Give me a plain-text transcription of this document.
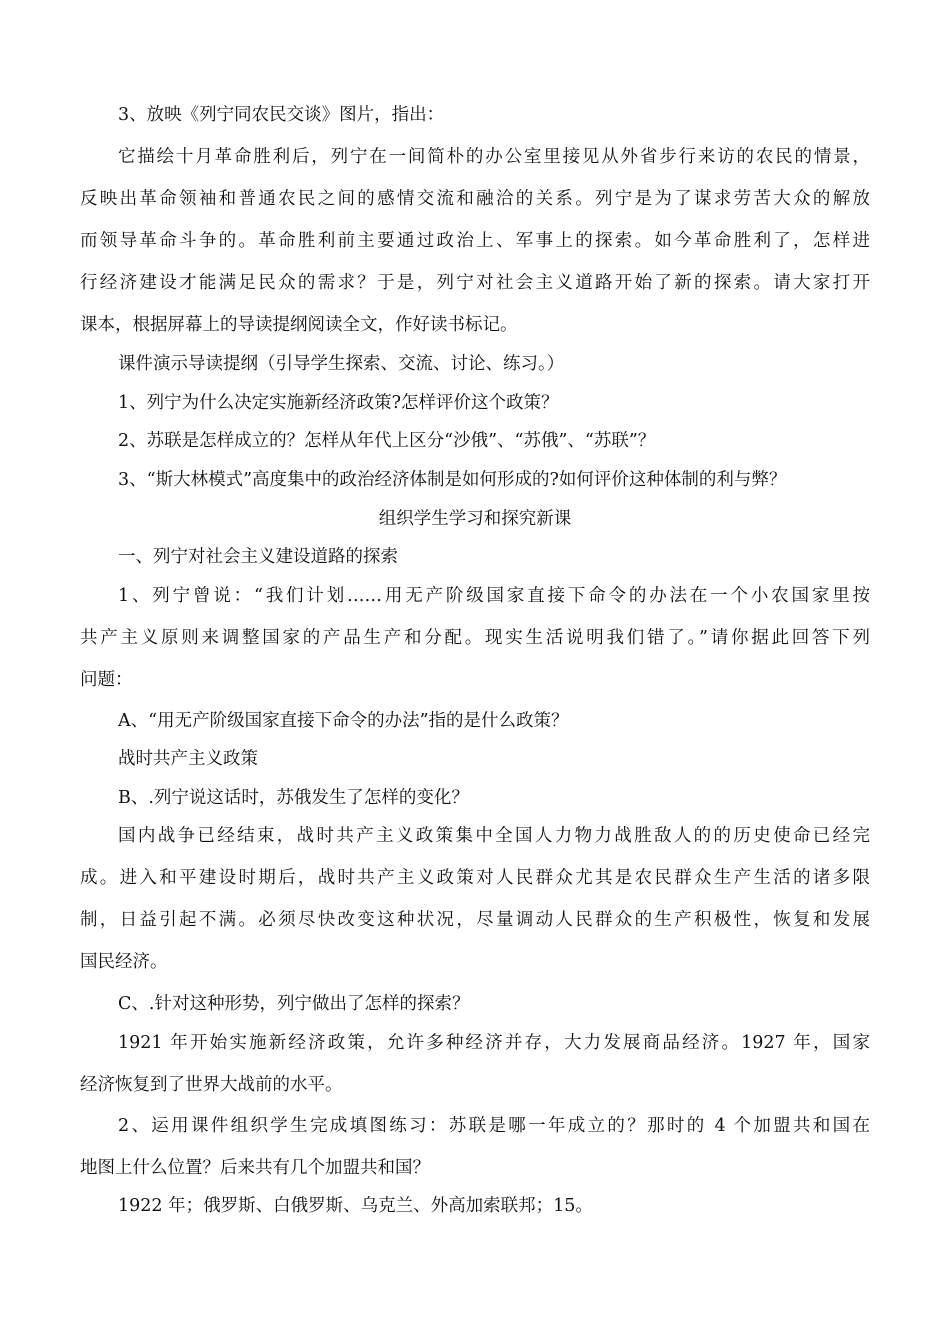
3、放映《列宁同农民交谈》图片，指出：
它描绘十月革命胜利后，列宁在一间简朴的办公室里接见从外省步行来访的农民的情景，
反映出革命领袖和普通农民之间的感情交流和融洽的关系。列宁是为了谋求劳苦大众的解放
而领导革命斗争的。革命胜利前主要通过政治上、军事上的探索。如今革命胜利了，怎样进
行经济建设才能满足民众的需求？于是，列宁对社会主义道路开始了新的探索。请大家打开
课本，根据屏幕上的导读提纲阅读全文，作好读书标记。
课件演示导读提纲（引导学生探索、交流、讨论、练习。）
1、列宁为什么决定实施新经济政策?怎样评价这个政策？
2、苏联是怎样成立的？怎样从年代上区分“沙俄”、“苏俄”、“苏联”？
3、“斯大林模式”高度集中的政治经济体制是如何形成的?如何评价这种体制的利与弊？
组织学生学习和探究新课
一、列宁对社会主义建设道路的探索
1、列宁曾说：“我们计划……用无产阶级国家直接下命令的办法在一个小农国家里按
共产主义原则来调整国家的产品生产和分配。现实生活说明我们错了。”请你据此回答下列
问题：
A、“用无产阶级国家直接下命令的办法”指的是什么政策？
战时共产主义政策
B、.列宁说这话时，苏俄发生了怎样的变化？
国内战争已经结束，战时共产主义政策集中全国人力物力战胜敌人的的历史使命已经完
成。进入和平建设时期后，战时共产主义政策对人民群众尤其是农民群众生产生活的诸多限
制，日益引起不满。必须尽快改变这种状况，尽量调动人民群众的生产积极性，恢复和发展
国民经济。
C、.针对这种形势，列宁做出了怎样的探索？
1921 年开始实施新经济政策，允许多种经济并存，大力发展商品经济。1927 年，国家
经济恢复到了世界大战前的水平。
2、运用课件组织学生完成填图练习：苏联是哪一年成立的？那时的 4 个加盟共和国在
地图上什么位置？后来共有几个加盟共和国？
1922 年；俄罗斯、白俄罗斯、乌克兰、外高加索联邦；15。
